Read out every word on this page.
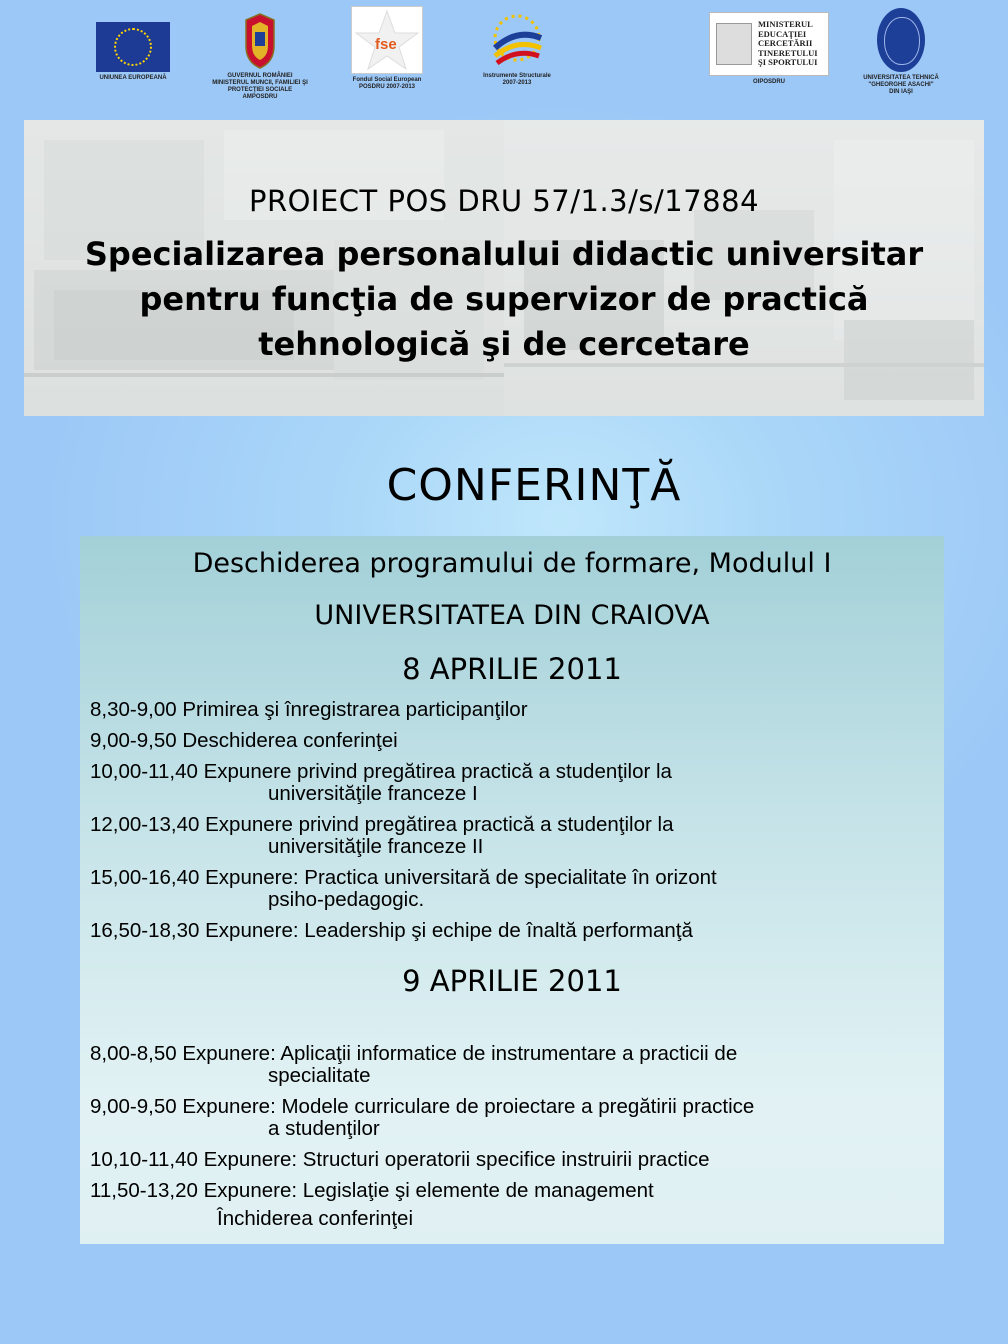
UNIUNEA EUROPEANĂ	GUVERNUL ROMÂNIEI
MINISTERUL MUNCII, FAMILIEI ŞI
PROTECŢIEI SOCIALE
AMPOSDRU
fse
Fondul Social European
POSDRU 2007-2013
Instrumente Structurale
2007-2013
MINISTERUL
EDUCAŢIEI
CERCETĂRII
TINERETULUI
ŞI SPORTULUI
OIPOSDRU
UNIVERSITATEA TEHNICĂ
"GHEORGHE ASACHI"
DIN IAŞI
PROIECT POS DRU 57/1.3/s/17884
Specializarea personalului didactic universitar
pentru funcţia de supervizor de practică
tehnologică şi de cercetare
CONFERINŢĂ
Deschiderea programului de formare, Modulul I
UNIVERSITATEA DIN CRAIOVA
8 APRILIE 2011
8,30-9,00 Primirea şi înregistrarea participanţilor
9,00-9,50 Deschiderea conferinţei
10,00-11,40 Expunere privind pregătirea practică a studenţilor la
universităţile franceze I
12,00-13,40 Expunere privind pregătirea practică a studenţilor la
universităţile franceze II
15,00-16,40 Expunere: Practica universitară de specialitate în orizont
psiho-pedagogic.
16,50-18,30 Expunere: Leadership şi echipe de înaltă performanţă
9 APRILIE 2011
8,00-8,50 Expunere: Aplicaţii informatice de instrumentare a practicii de
specialitate
9,00-9,50 Expunere: Modele curriculare de proiectare a pregătirii practice
a studenţilor
10,10-11,40 Expunere: Structuri operatorii specifice instruirii practice
11,50-13,20 Expunere: Legislaţie şi elemente de management
Închiderea conferinţei
